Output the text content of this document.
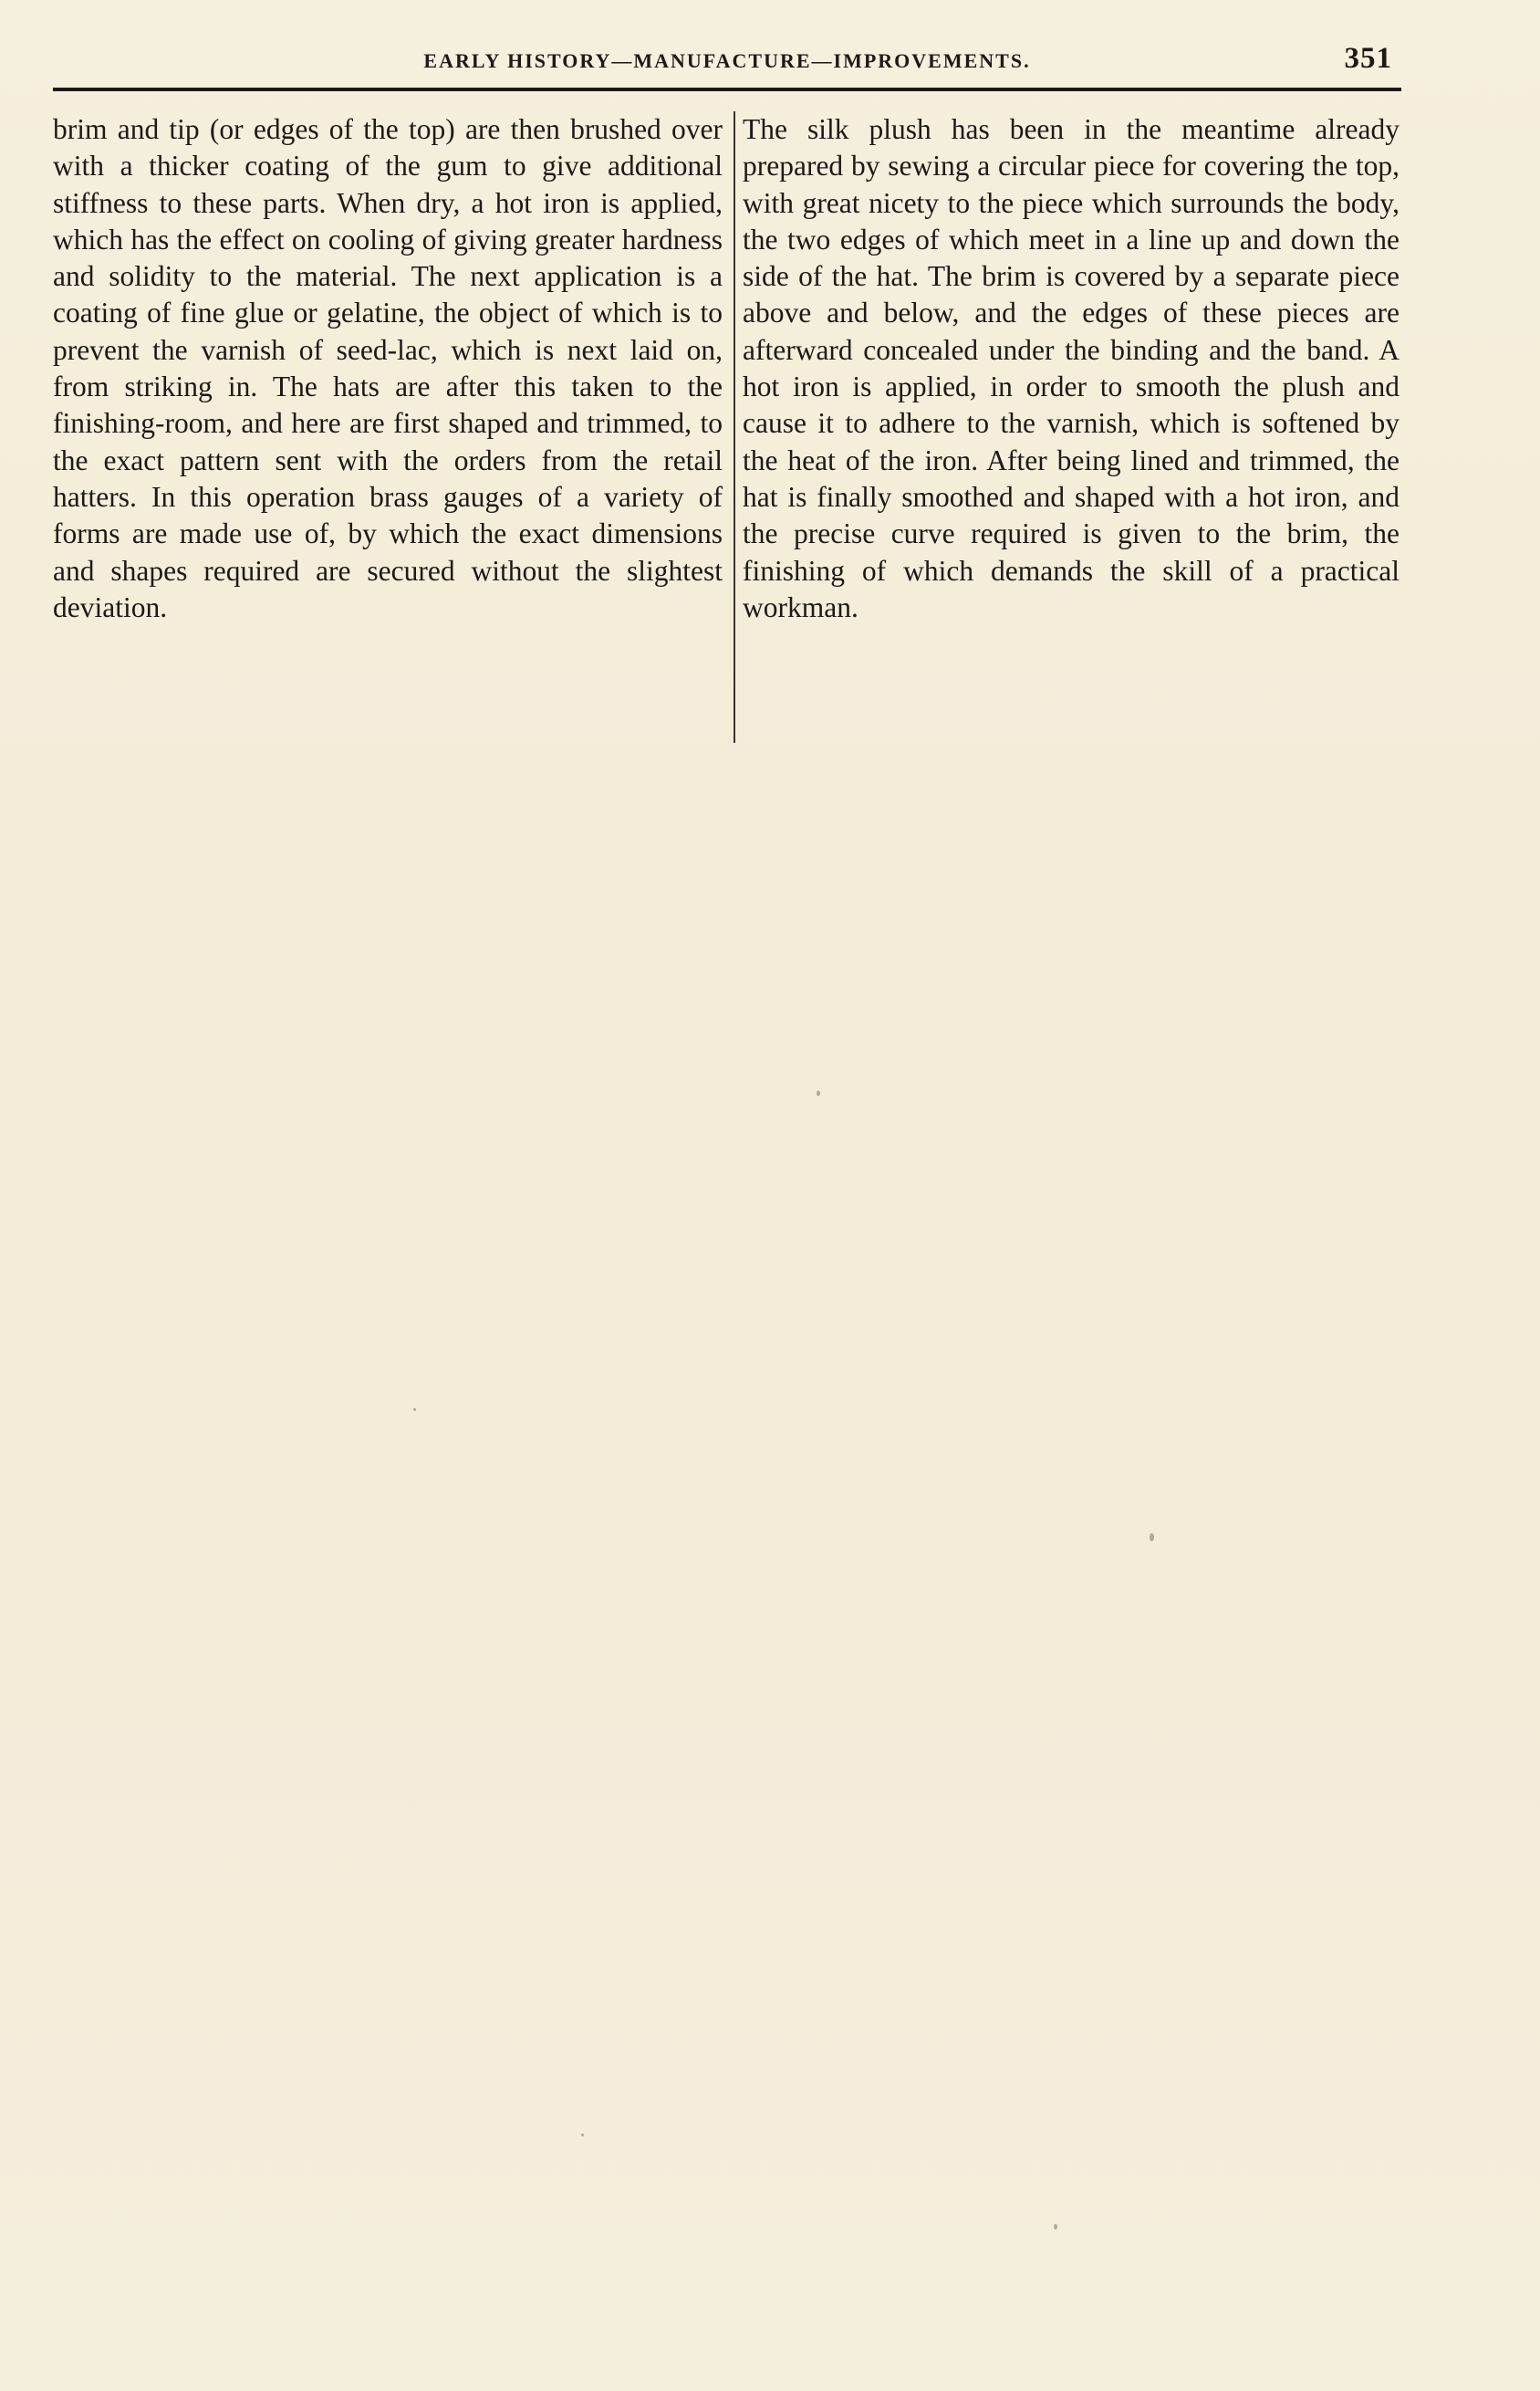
EARLY HISTORY—MANUFACTURE—IMPROVEMENTS.	351

brim and tip (or edges of the top) are then brushed over with a thicker coating of the gum to give additional stiffness to these parts. When dry, a hot iron is applied, which has the effect on cooling of giving greater hardness and solidity to the material. The next application is a coating of fine glue or gelatine, the object of which is to prevent the varnish of seed-lac, which is next laid on, from striking in. The hats are after this taken to the finishing-room, and here are first shaped and trimmed, to the exact pattern sent with the orders from the retail hatters. In this operation brass gauges of a variety of forms are made use of, by which the exact dimensions and shapes required are secured without the slightest deviation.

The silk plush has been in the meantime already prepared by sewing a circular piece for covering the top, with great nicety to the piece which surrounds the body, the two edges of which meet in a line up and down the side of the hat. The brim is covered by a separate piece above and below, and the edges of these pieces are afterward concealed under the binding and the band. A hot iron is applied, in order to smooth the plush and cause it to adhere to the varnish, which is softened by the heat of the iron. After being lined and trimmed, the hat is finally smoothed and shaped with a hot iron, and the precise curve required is given to the brim, the finishing of which demands the skill of a practical workman.
